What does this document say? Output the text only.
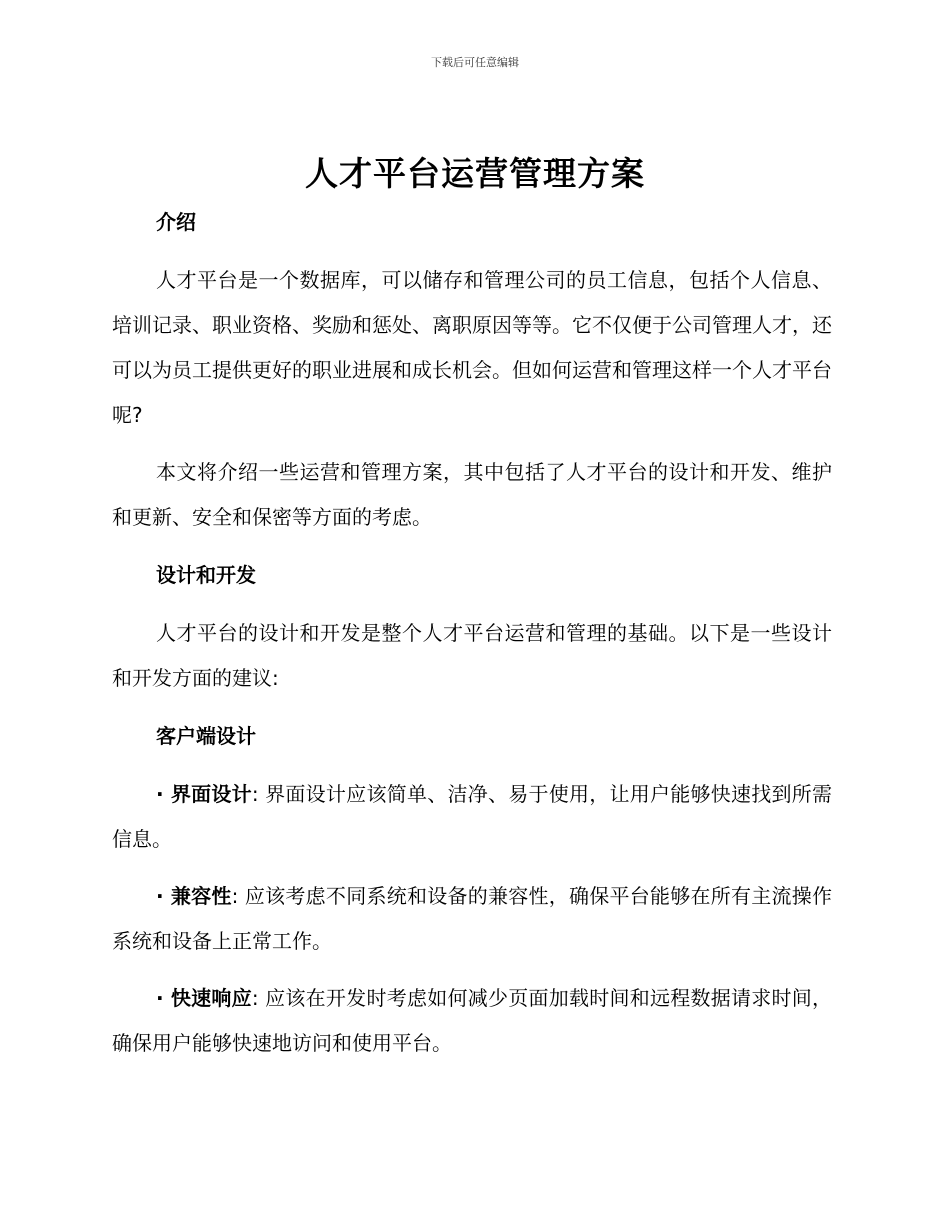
下载后可任意编辑
人才平台运营管理方案

介绍

人才平台是一个数据库，可以储存和管理公司的员工信息，包括个人信息、培训记录、职业资格、奖励和惩处、离职原因等等。它不仅便于公司管理人才，还可以为员工提供更好的职业进展和成长机会。但如何运营和管理这样一个人才平台呢?

本文将介绍一些运营和管理方案，其中包括了人才平台的设计和开发、维护和更新、安全和保密等方面的考虑。

设计和开发

人才平台的设计和开发是整个人才平台运营和管理的基础。以下是一些设计和开发方面的建议:

客户端设计

· 界面设计: 界面设计应该简单、洁净、易于使用，让用户能够快速找到所需信息。

· 兼容性: 应该考虑不同系统和设备的兼容性，确保平台能够在所有主流操作系统和设备上正常工作。

· 快速响应: 应该在开发时考虑如何减少页面加载时间和远程数据请求时间，确保用户能够快速地访问和使用平台。
